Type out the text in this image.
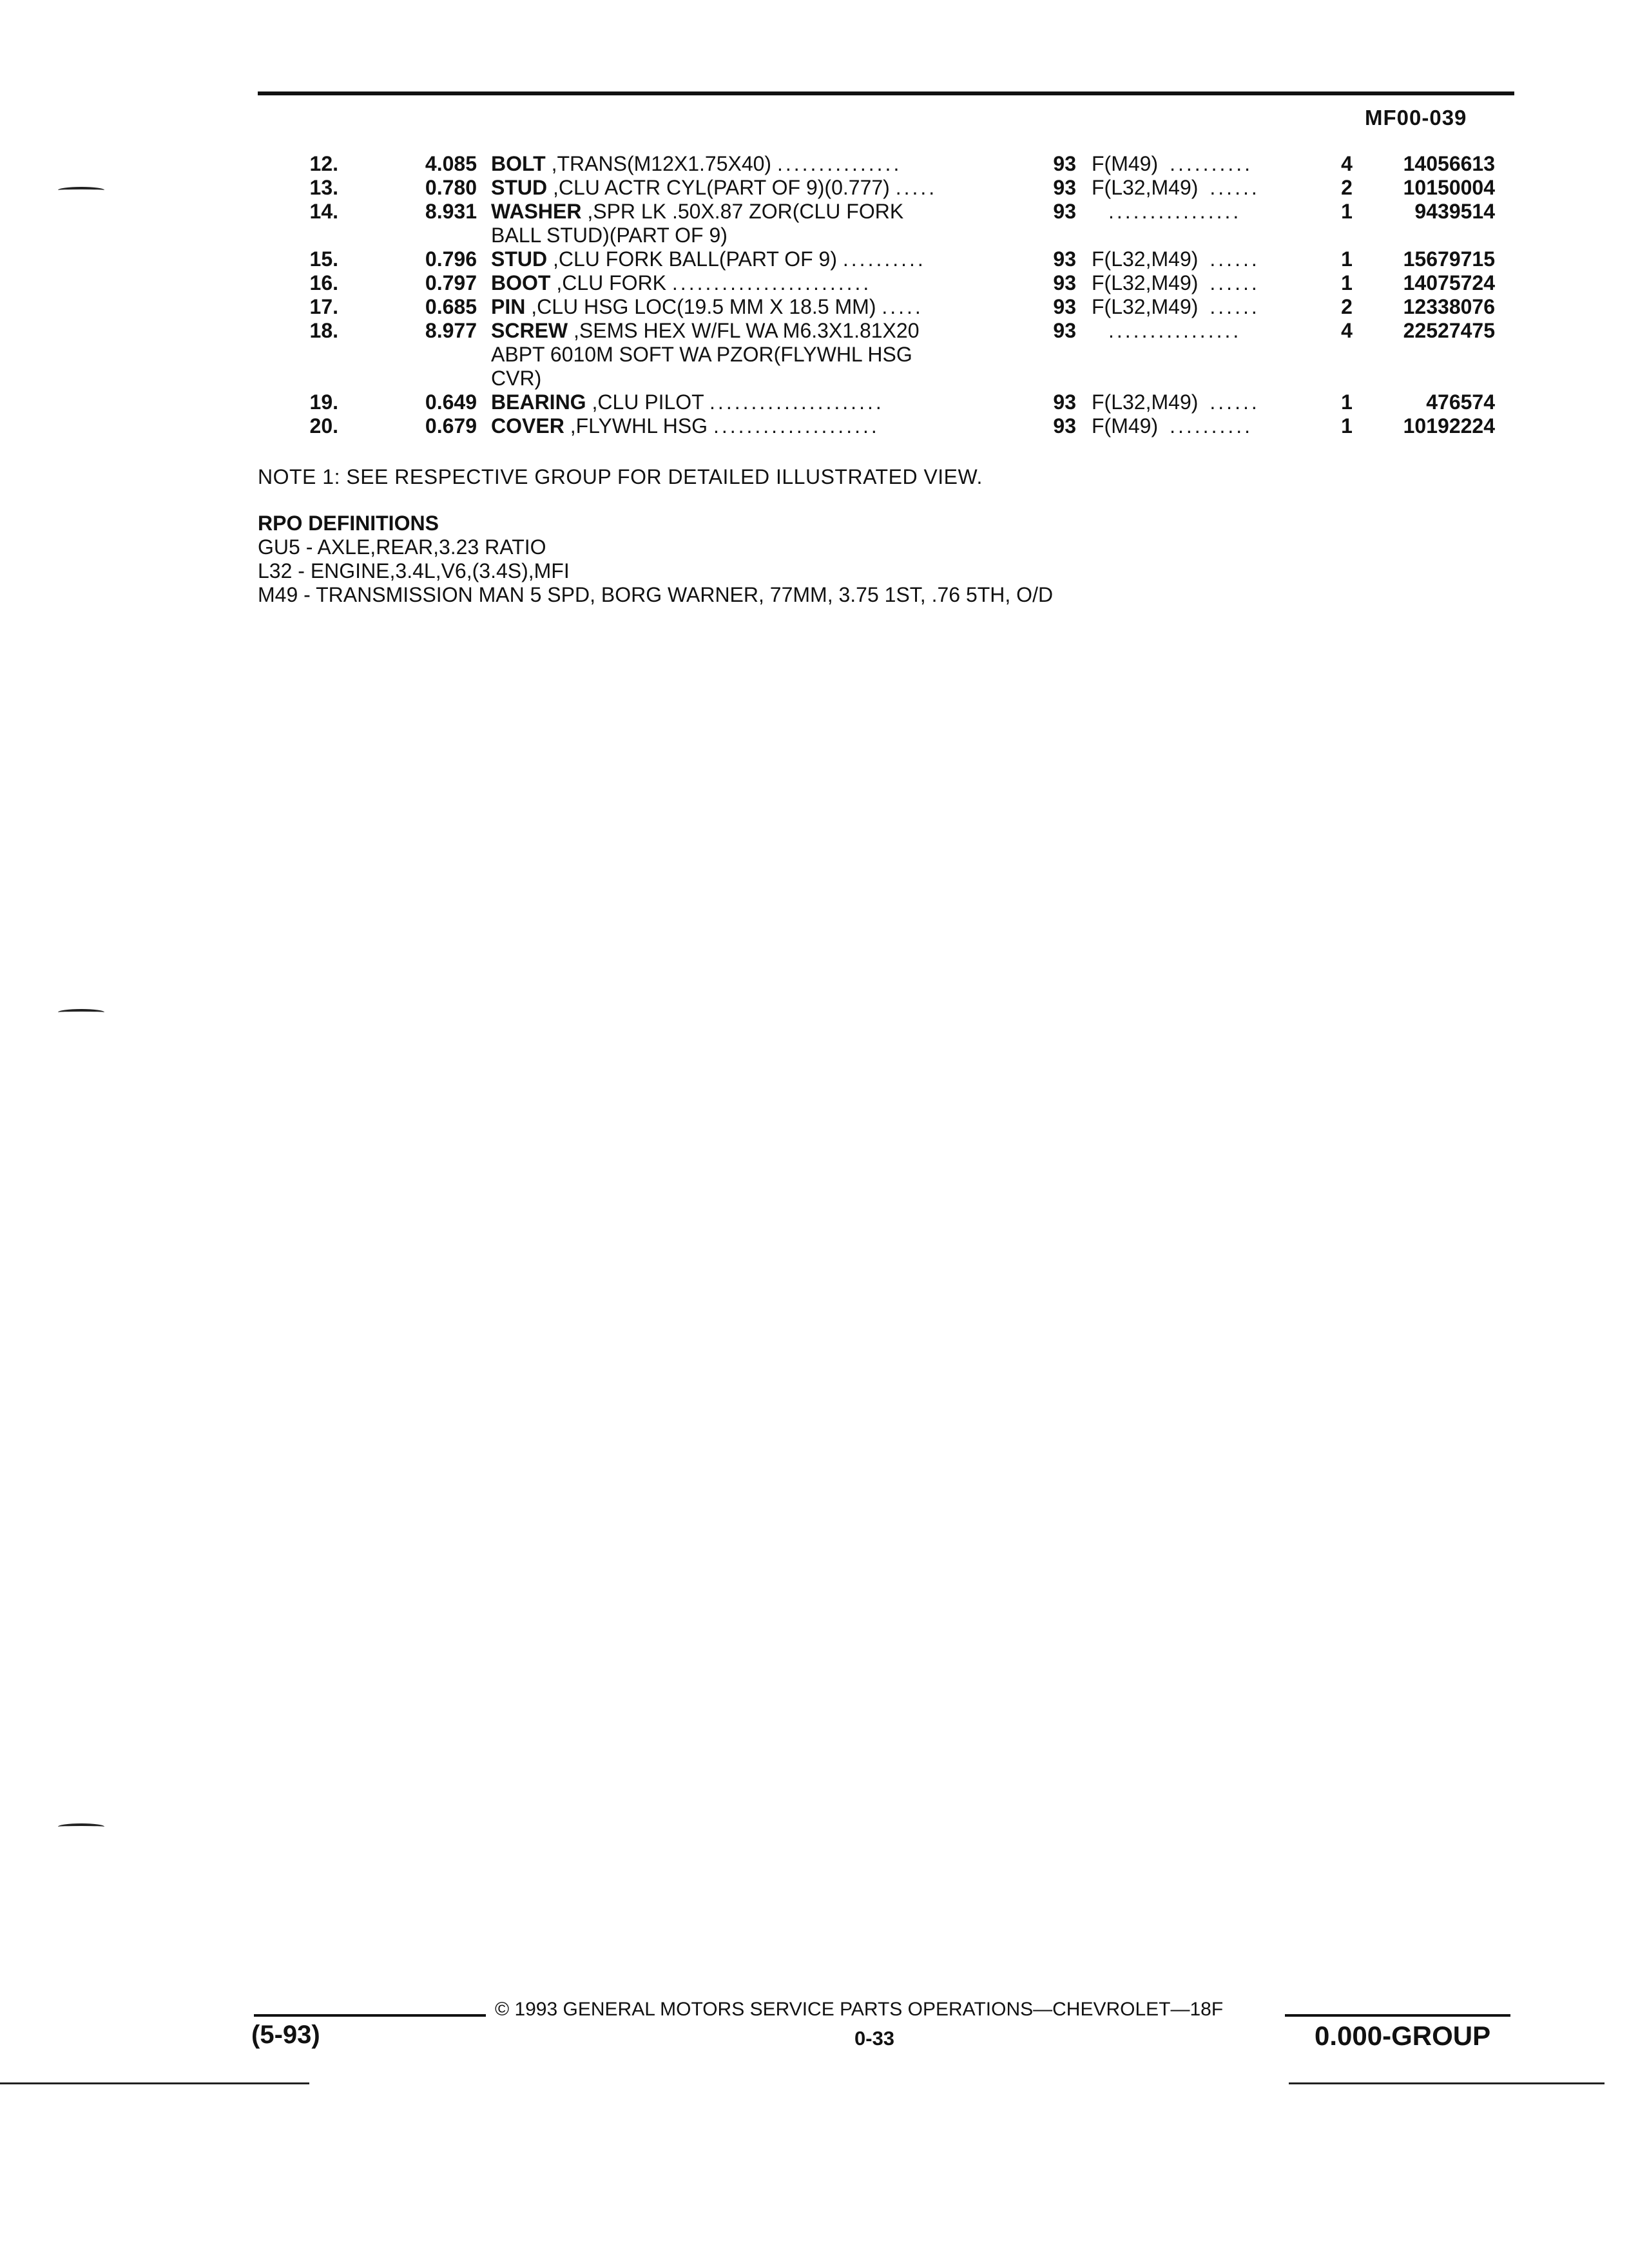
MF00-039
12.	4.085 BOLT ,TRANS(M12X1.75X40) ...............	93 F(M49) ..........	4	14056613
13.	0.780 STUD ,CLU ACTR CYL(PART OF 9)(0.777) .....	93 F(L32,M49) ......	2	10150004
14.	8.931 WASHER ,SPR LK .50X.87 ZOR(CLU FORK
BALL STUD)(PART OF 9)
93	................	1	9439514
15.	0.796 STUD ,CLU FORK BALL(PART OF 9) ..........	93 F(L32,M49) ......	1	15679715
16.	0.797 BOOT ,CLU FORK ........................	93 F(L32,M49) ......	1	14075724
17.	0.685 PIN ,CLU HSG LOC(19.5 MM X 18.5 MM) .....	93 F(L32,M49) ......	2	12338076
18.	8.977 SCREW ,SEMS HEX W/FL WA M6.3X1.81X20
ABPT 6010M SOFT WA PZOR(FLYWHL HSG
CVR)
93	................	4	22527475
19.	0.649 BEARING ,CLU PILOT .....................	93 F(L32,M49) ......	1	476574
20.	0.679 COVER ,FLYWHL HSG ....................	93 F(M49) ..........	1	10192224
NOTE 1: SEE RESPECTIVE GROUP FOR DETAILED ILLUSTRATED VIEW.
RPO DEFINITIONS
GU5 - AXLE,REAR,3.23 RATIO
L32 - ENGINE,3.4L,V6,(3.4S),MFI
M49 - TRANSMISSION MAN 5 SPD, BORG WARNER, 77MM, 3.75 1ST, .76 5TH, O/D
© 1993 GENERAL MOTORS SERVICE PARTS OPERATIONS—CHEVROLET—18F
(5-93)	0-33	0.000-GROUP
